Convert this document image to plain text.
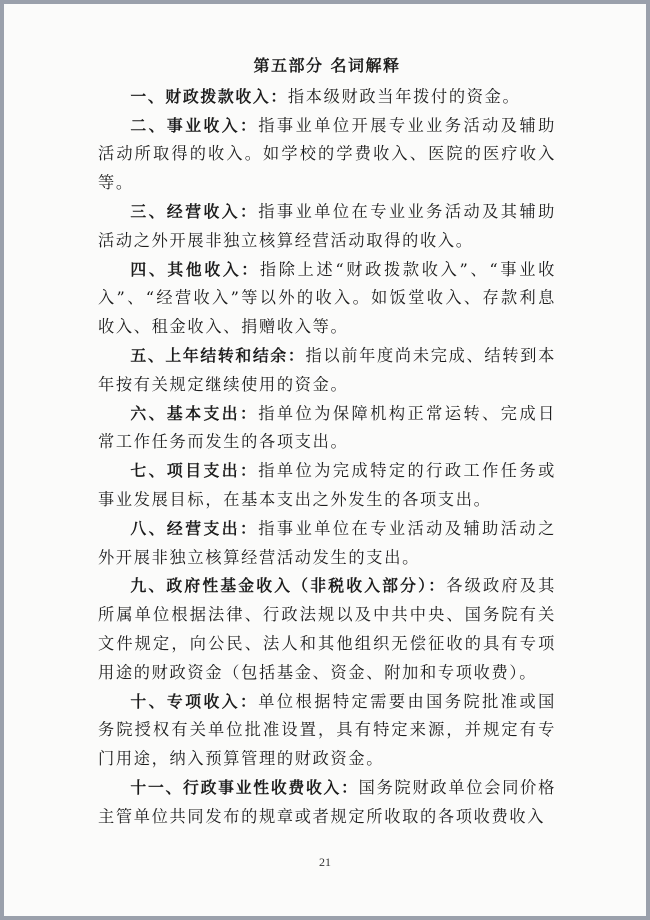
第五部分 名词解释

一、财政拨款收入：指本级财政当年拨付的资金。

二、事业收入：指事业单位开展专业业务活动及辅助活动所取得的收入。如学校的学费收入、医院的医疗收入等。

三、经营收入：指事业单位在专业业务活动及其辅助活动之外开展非独立核算经营活动取得的收入。

四、其他收入：指除上述“财政拨款收入”、“事业收入”、“经营收入”等以外的收入。如饭堂收入、存款利息收入、租金收入、捐赠收入等。

五、上年结转和结余：指以前年度尚未完成、结转到本年按有关规定继续使用的资金。

六、基本支出：指单位为保障机构正常运转、完成日常工作任务而发生的各项支出。

七、项目支出：指单位为完成特定的行政工作任务或事业发展目标，在基本支出之外发生的各项支出。

八、经营支出：指事业单位在专业活动及辅助活动之外开展非独立核算经营活动发生的支出。

九、政府性基金收入（非税收入部分）：各级政府及其所属单位根据法律、行政法规以及中共中央、国务院有关文件规定，向公民、法人和其他组织无偿征收的具有专项用途的财政资金（包括基金、资金、附加和专项收费）。

十、专项收入：单位根据特定需要由国务院批准或国务院授权有关单位批准设置，具有特定来源，并规定有专门用途，纳入预算管理的财政资金。

十一、行政事业性收费收入：国务院财政单位会同价格主管单位共同发布的规章或者规定所收取的各项收费收入

21
